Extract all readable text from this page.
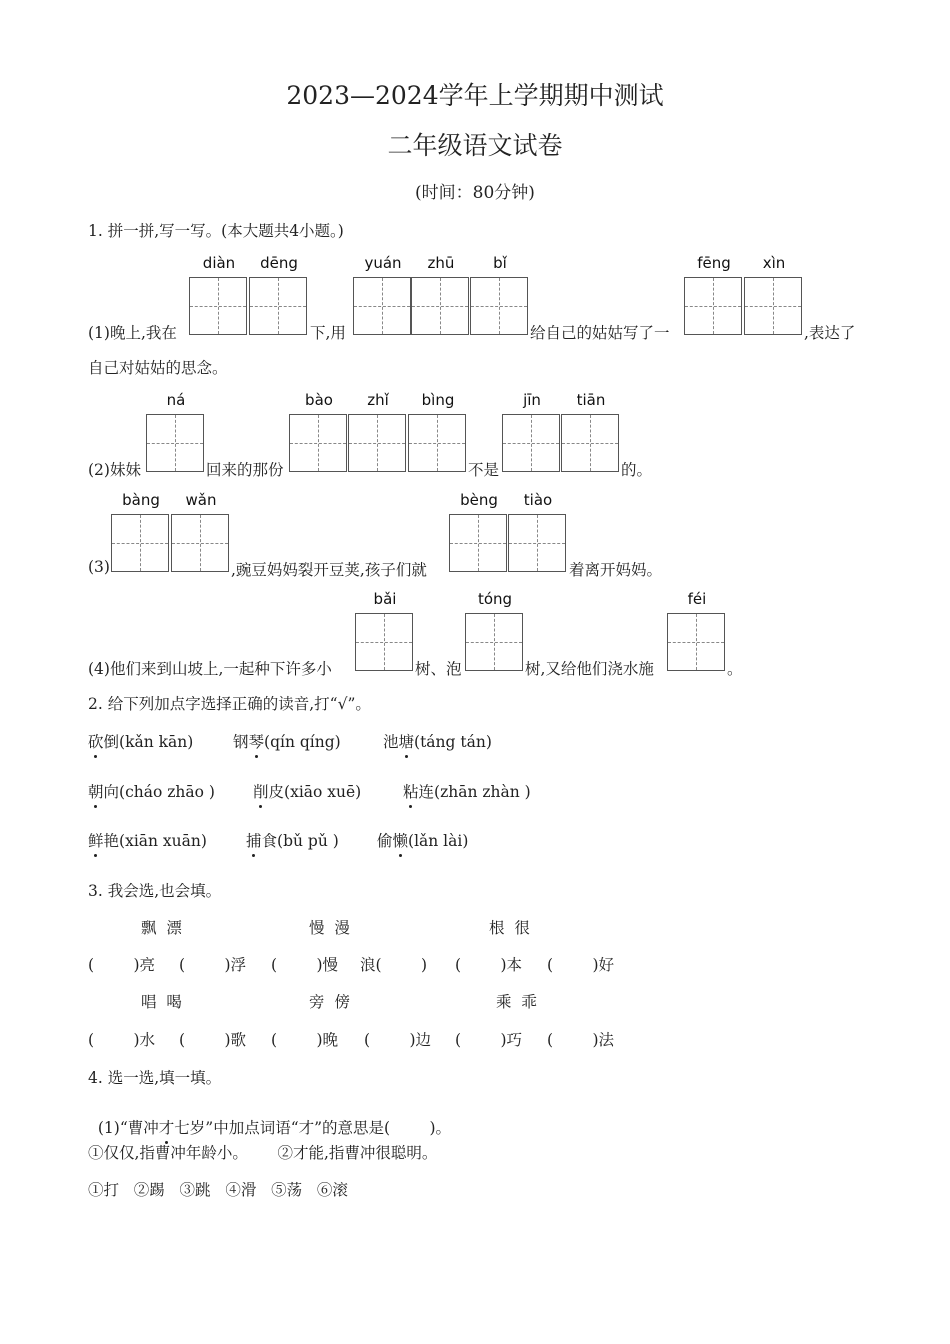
2023—2024学年上学期期中测试
二年级语文试卷
(时间：80分钟)
1. 拼一拼,写一写。(本大题共4小题。)
diàn	dēng	yuán	zhū	bǐ	fēng	xìn
(1)晚上,我在	下,用	给自己的姑姑写了一	,表达了
自己对姑姑的思念。
ná	bào	zhǐ	bìng	jīn	tiān
(2)妹妹	回来的那份	不是	的。
bàng	wǎn	bèng	tiào
(3)	,豌豆妈妈裂开豆荚,孩子们就	着离开妈妈。
bǎi	tóng	féi
(4)他们来到山坡上,一起种下许多小	树、泡	树,又给他们浇水施	。
2. 给下列加点字选择正确的读音,打“√”。
砍倒(kǎn kān)	钢琴(qín qíng)	池塘(táng tán)
朝向(cháo zhāo ) 削皮(xiāo xuē)	粘连(zhān zhàn )
鲜艳(xiān xuān)	捕食(bǔ pǔ ) 偷懒(lǎn lài)
3. 我会选,也会填。
飘  漂	慢  漫	根  很
(        )亮 (        )浮 (        )慢 浪(        ) (        )本 (        )好
唱  喝	旁  傍	乘  乖
(        )水 (        )歌 (        )晚 (        )边 (        )巧 (        )法
4. 选一选,填一填。

(1)“曹冲才七岁”中加点词语“才”的意思是(        )。

①仅仅,指曹冲年龄小。      ②才能,指曹冲很聪明。
①打   ②踢   ③跳   ④滑   ⑤荡   ⑥滚
